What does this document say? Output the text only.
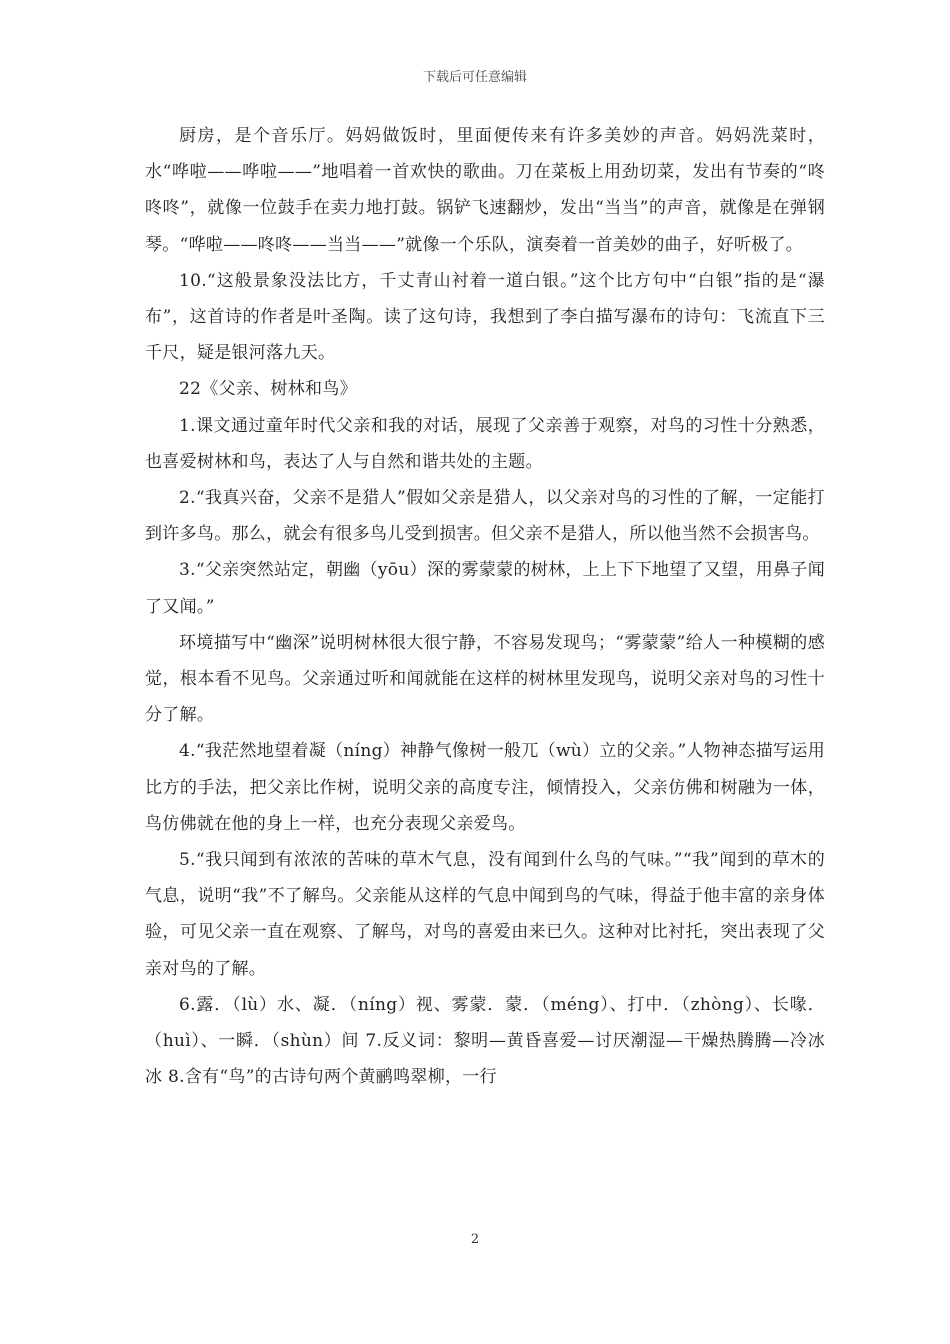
下载后可任意编辑

厨房，是个音乐厅。妈妈做饭时，里面便传来有许多美妙的声音。妈妈洗菜时，水“哗啦——哗啦——”地唱着一首欢快的歌曲。刀在菜板上用劲切菜，发出有节奏的“咚咚咚”，就像一位鼓手在卖力地打鼓。锅铲飞速翻炒，发出“当当”的声音，就像是在弹钢琴。“哗啦——咚咚——当当——”就像一个乐队，演奏着一首美妙的曲子，好听极了。

10.“这般景象没法比方，千丈青山衬着一道白银。”这个比方句中“白银”指的是“瀑布”，这首诗的作者是叶圣陶。读了这句诗，我想到了李白描写瀑布的诗句：飞流直下三千尺，疑是银河落九天。

22《父亲、树林和鸟》

1.课文通过童年时代父亲和我的对话，展现了父亲善于观察，对鸟的习性十分熟悉，也喜爱树林和鸟，表达了人与自然和谐共处的主题。

2.“我真兴奋，父亲不是猎人”假如父亲是猎人，以父亲对鸟的习性的了解，一定能打到许多鸟。那么，就会有很多鸟儿受到损害。但父亲不是猎人，所以他当然不会损害鸟。

3.“父亲突然站定，朝幽（yōu）深的雾蒙蒙的树林，上上下下地望了又望，用鼻子闻了又闻。”

环境描写中“幽深”说明树林很大很宁静，不容易发现鸟；“雾蒙蒙”给人一种模糊的感觉，根本看不见鸟。父亲通过听和闻就能在这样的树林里发现鸟，说明父亲对鸟的习性十分了解。

4.“我茫然地望着凝（níng）神静气像树一般兀（wù）立的父亲。”人物神态描写运用比方的手法，把父亲比作树，说明父亲的高度专注，倾情投入，父亲仿佛和树融为一体，鸟仿佛就在他的身上一样，也充分表现父亲爱鸟。

5.“我只闻到有浓浓的苦味的草木气息，没有闻到什么鸟的气味。”“我”闻到的草木的气息，说明“我”不了解鸟。父亲能从这样的气息中闻到鸟的气味，得益于他丰富的亲身体验，可见父亲一直在观察、了解鸟，对鸟的喜爱由来已久。这种对比衬托，突出表现了父亲对鸟的了解。

6.露．（lù）水、凝．（níng）视、雾蒙．蒙．（méng）、打中．（zhòng）、长喙．（huì）、一瞬．（shùn）间 7.反义词：黎明—黄昏喜爱—讨厌潮湿—干燥热腾腾—冷冰冰 8.含有“鸟”的古诗句两个黄鹂鸣翠柳，一行

2
